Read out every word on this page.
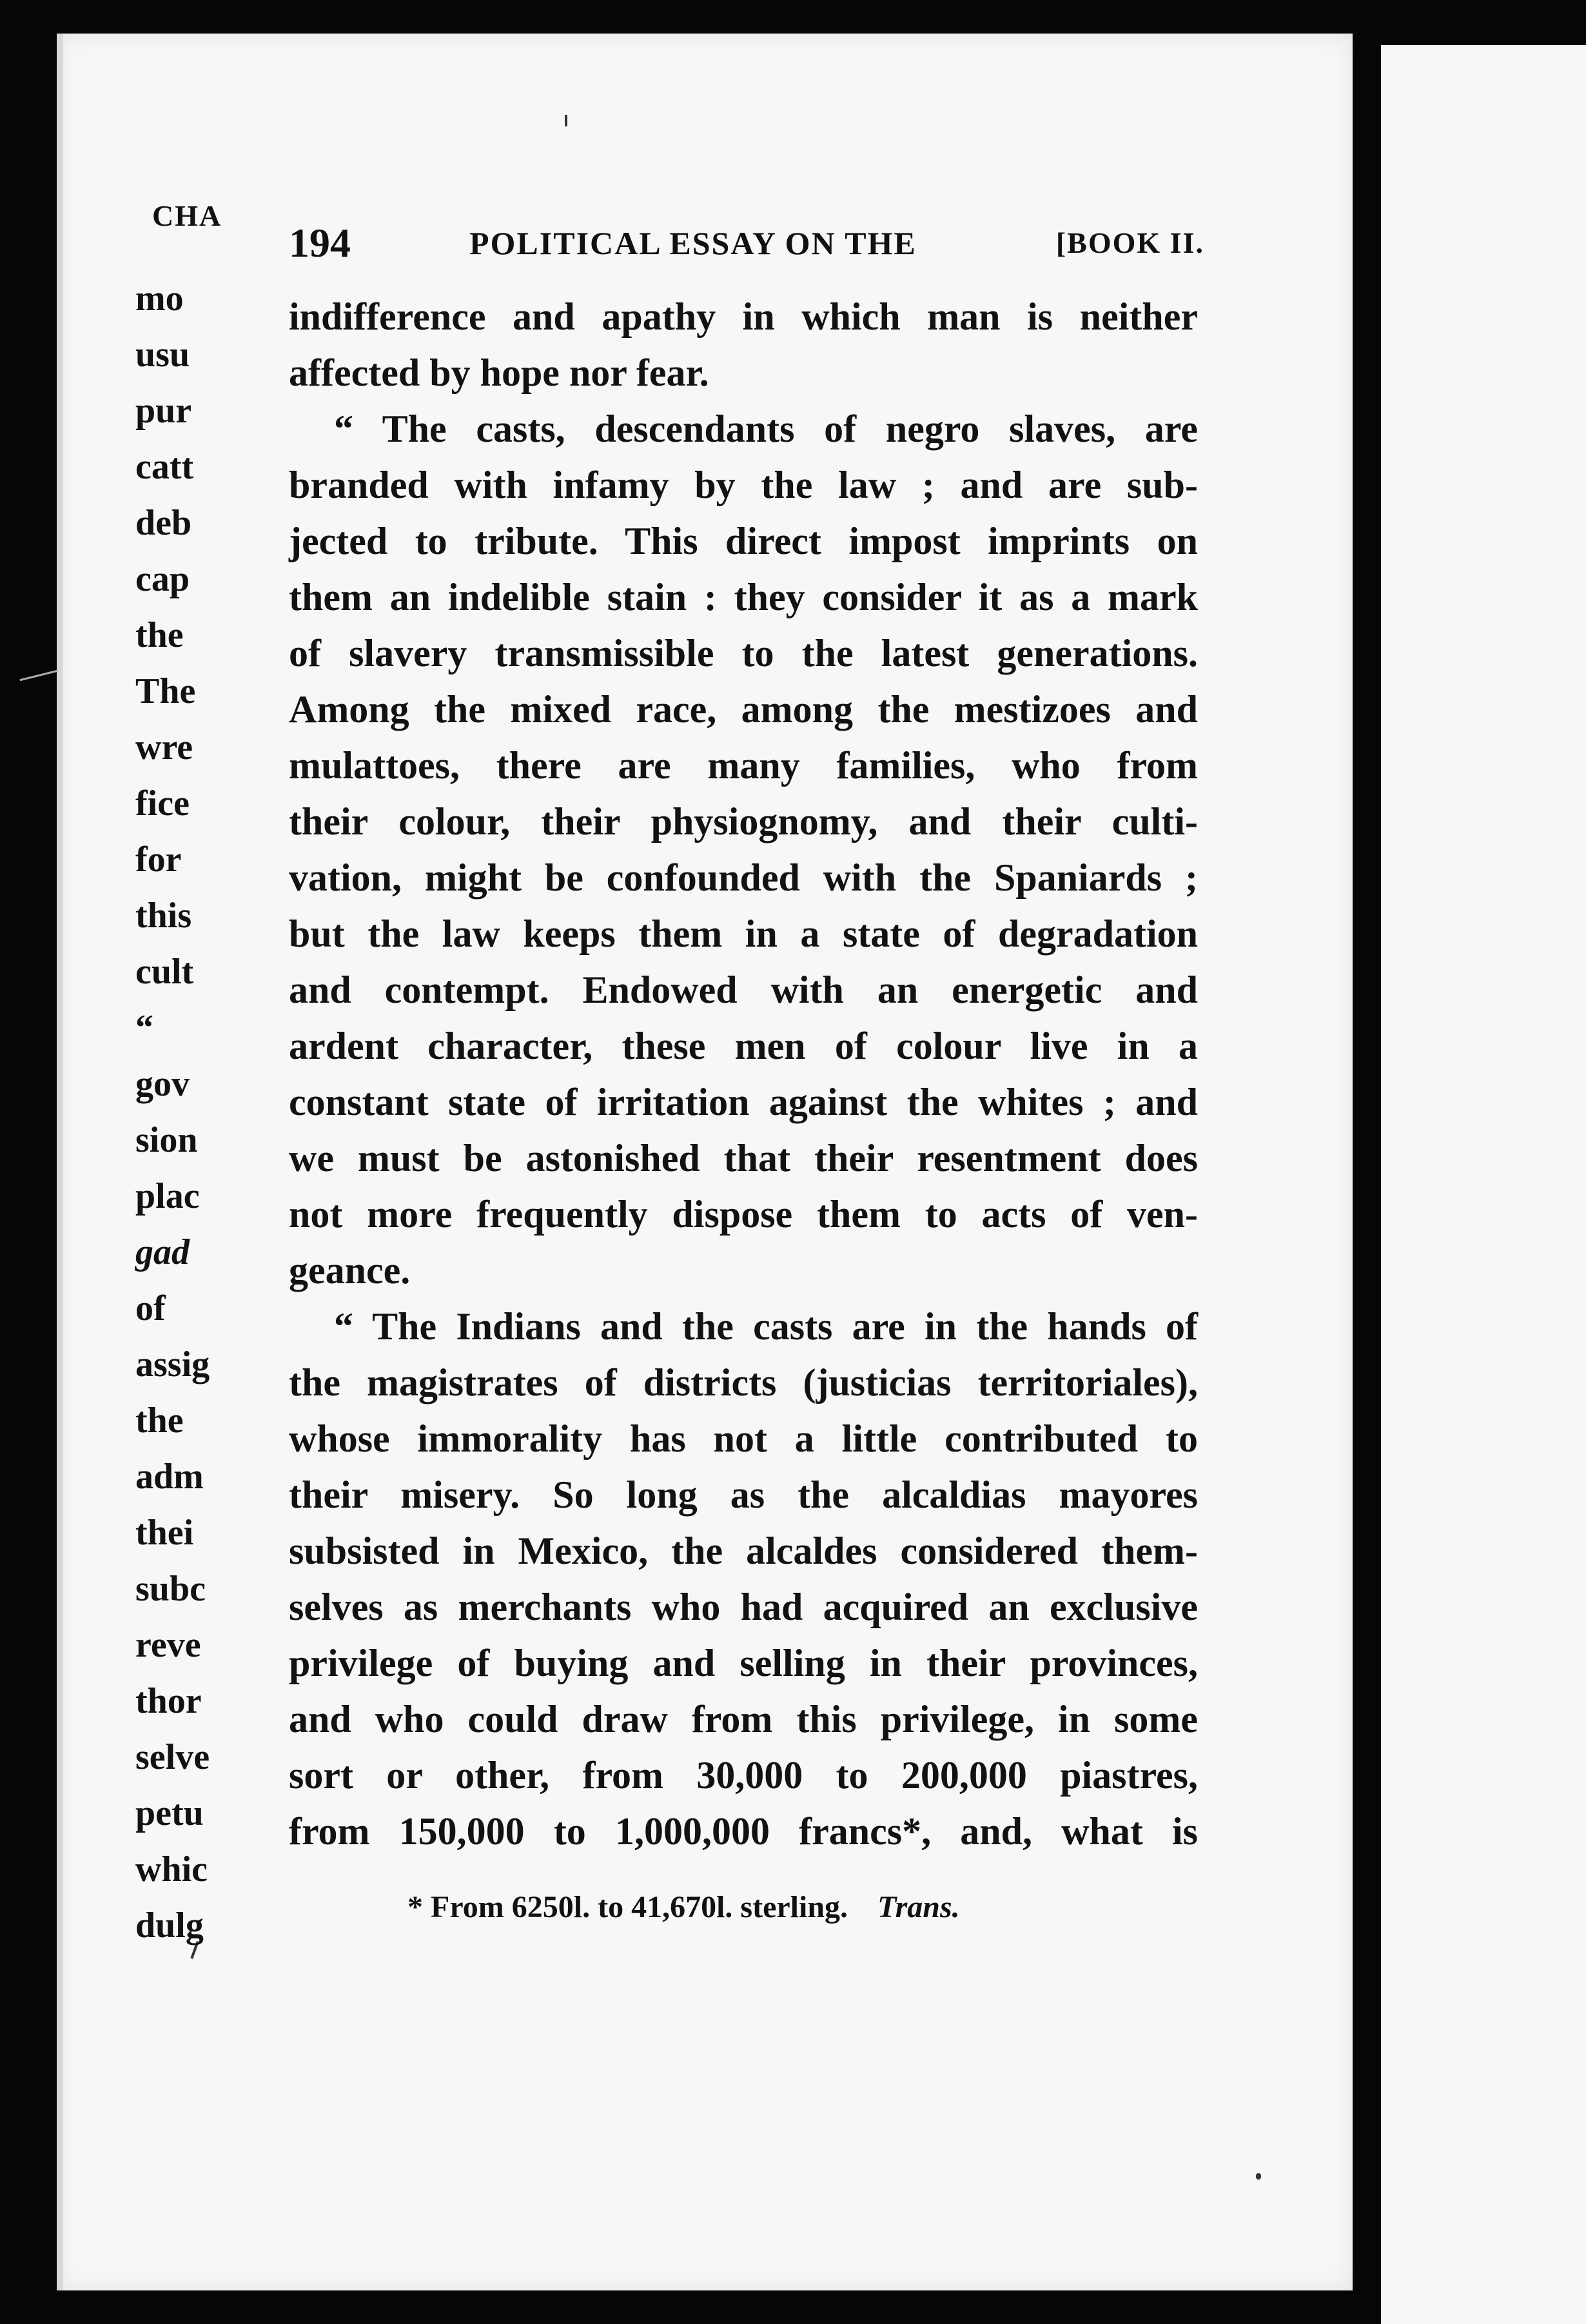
194	POLITICAL ESSAY ON THE	[BOOK II.

indifference and apathy in which man is neither

affected by hope nor fear.

“ The casts, descendants of negro slaves, are

branded with infamy by the law ; and are sub-

jected to tribute. This direct impost imprints on

them an indelible stain : they consider it as a mark

of slavery transmissible to the latest generations.

Among the mixed race, among the mestizoes and

mulattoes, there are many families, who from

their colour, their physiognomy, and their culti-

vation, might be confounded with the Spaniards ;

but the law keeps them in a state of degradation

and contempt. Endowed with an energetic and

ardent character, these men of colour live in a

constant state of irritation against the whites ; and

we must be astonished that their resentment does

not more frequently dispose them to acts of ven-

geance.

“ The Indians and the casts are in the hands of

the magistrates of districts (justicias territoriales),

whose immorality has not a little contributed to

their misery. So long as the alcaldias mayores

subsisted in Mexico, the alcaldes considered them-

selves as merchants who had acquired an exclusive

privilege of buying and selling in their provinces,

and who could draw from this privilege, in some

sort or other, from 30,000 to 200,000 piastres,

from 150,000 to 1,000,000 francs*, and, what is

* From 6250l. to 41,670l. sterling. Trans.
CHA
mo
usu
pur
catt
deb
cap
the
The
wre
fice
for
this
cult
“
gov
sion
plac
gad
of
assig
the
adm
thei
subc
reve
thor
selve
petu
whic
dulg
